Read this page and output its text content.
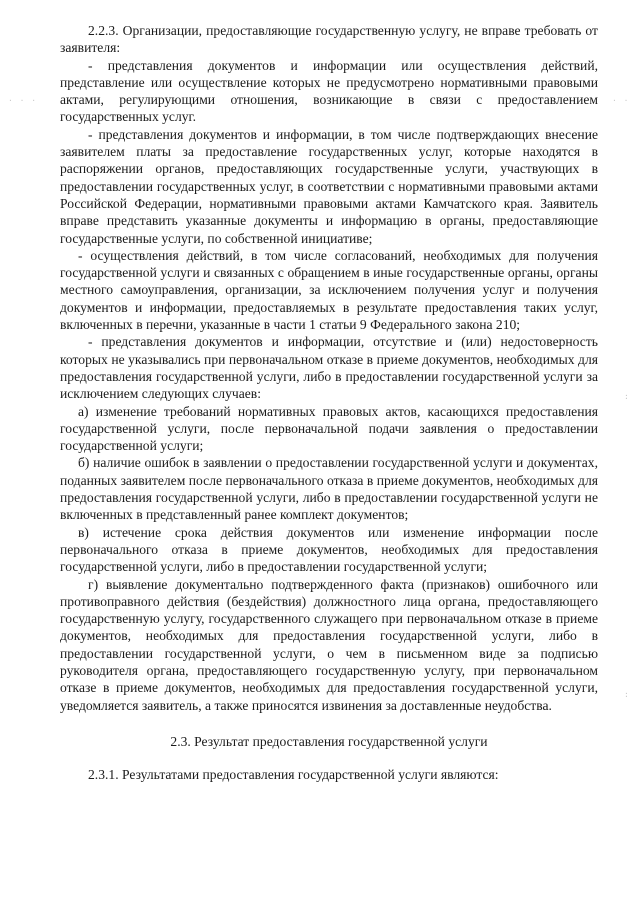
2.2.3. Организации, предоставляющие государственную услугу, не вправе требовать от заявителя:

- представления документов и информации или осуществления действий, представление или осуществление которых не предусмотрено нормативными правовыми актами, регулирующими отношения, возникающие в связи с предоставлением государственных услуг.

- представления документов и информации, в том числе подтверждающих внесение заявителем платы за предоставление государственных услуг, которые находятся в распоряжении органов, предоставляющих государственные услуги, участвующих в предоставлении государственных услуг, в соответствии с нормативными правовыми актами Российской Федерации, нормативными правовыми актами Камчатского края. Заявитель вправе представить указанные документы и информацию в органы, предоставляющие государственные услуги, по собственной инициативе;

- осуществления действий, в том числе согласований, необходимых для получения государственной услуги и связанных с обращением в иные государственные органы, органы местного самоуправления, организации, за исключением получения услуг и получения документов и информации, предоставляемых в результате предоставления таких услуг, включенных в перечни, указанные в части 1 статьи 9 Федерального закона 210;

- представления документов и информации, отсутствие и (или) недостоверность которых не указывались при первоначальном отказе в приеме документов, необходимых для предоставления государственной услуги, либо в предоставлении государственной услуги за исключением следующих случаев:

а) изменение требований нормативных правовых актов, касающихся предоставления государственной услуги, после первоначальной подачи заявления о предоставлении государственной услуги;

б) наличие ошибок в заявлении о предоставлении государственной услуги и документах, поданных заявителем после первоначального отказа в приеме документов, необходимых для предоставления государственной услуги, либо в предоставлении государственной услуги не включенных в представленный ранее комплект документов;

в) истечение срока действия документов или изменение информации после первоначального отказа в приеме документов, необходимых для предоставления государственной услуги, либо в предоставлении государственной услуги;

г) выявление документально подтвержденного факта (признаков) ошибочного или противоправного действия (бездействия) должностного лица органа, предоставляющего государственную услугу, государственного служащего при первоначальном отказе в приеме документов, необходимых для предоставления государственной услуги, либо в предоставлении государственной услуги, о чем в письменном виде за подписью руководителя органа, предоставляющего государственную услугу, при первоначальном отказе в приеме документов, необходимых для предоставления государственной услуги, уведомляется заявитель, а также приносятся извинения за доставленные неудобства.

2.3. Результат предоставления государственной услуги

2.3.1. Результатами предоставления государственной услуги являются:

· · ·	· ·
:
:
